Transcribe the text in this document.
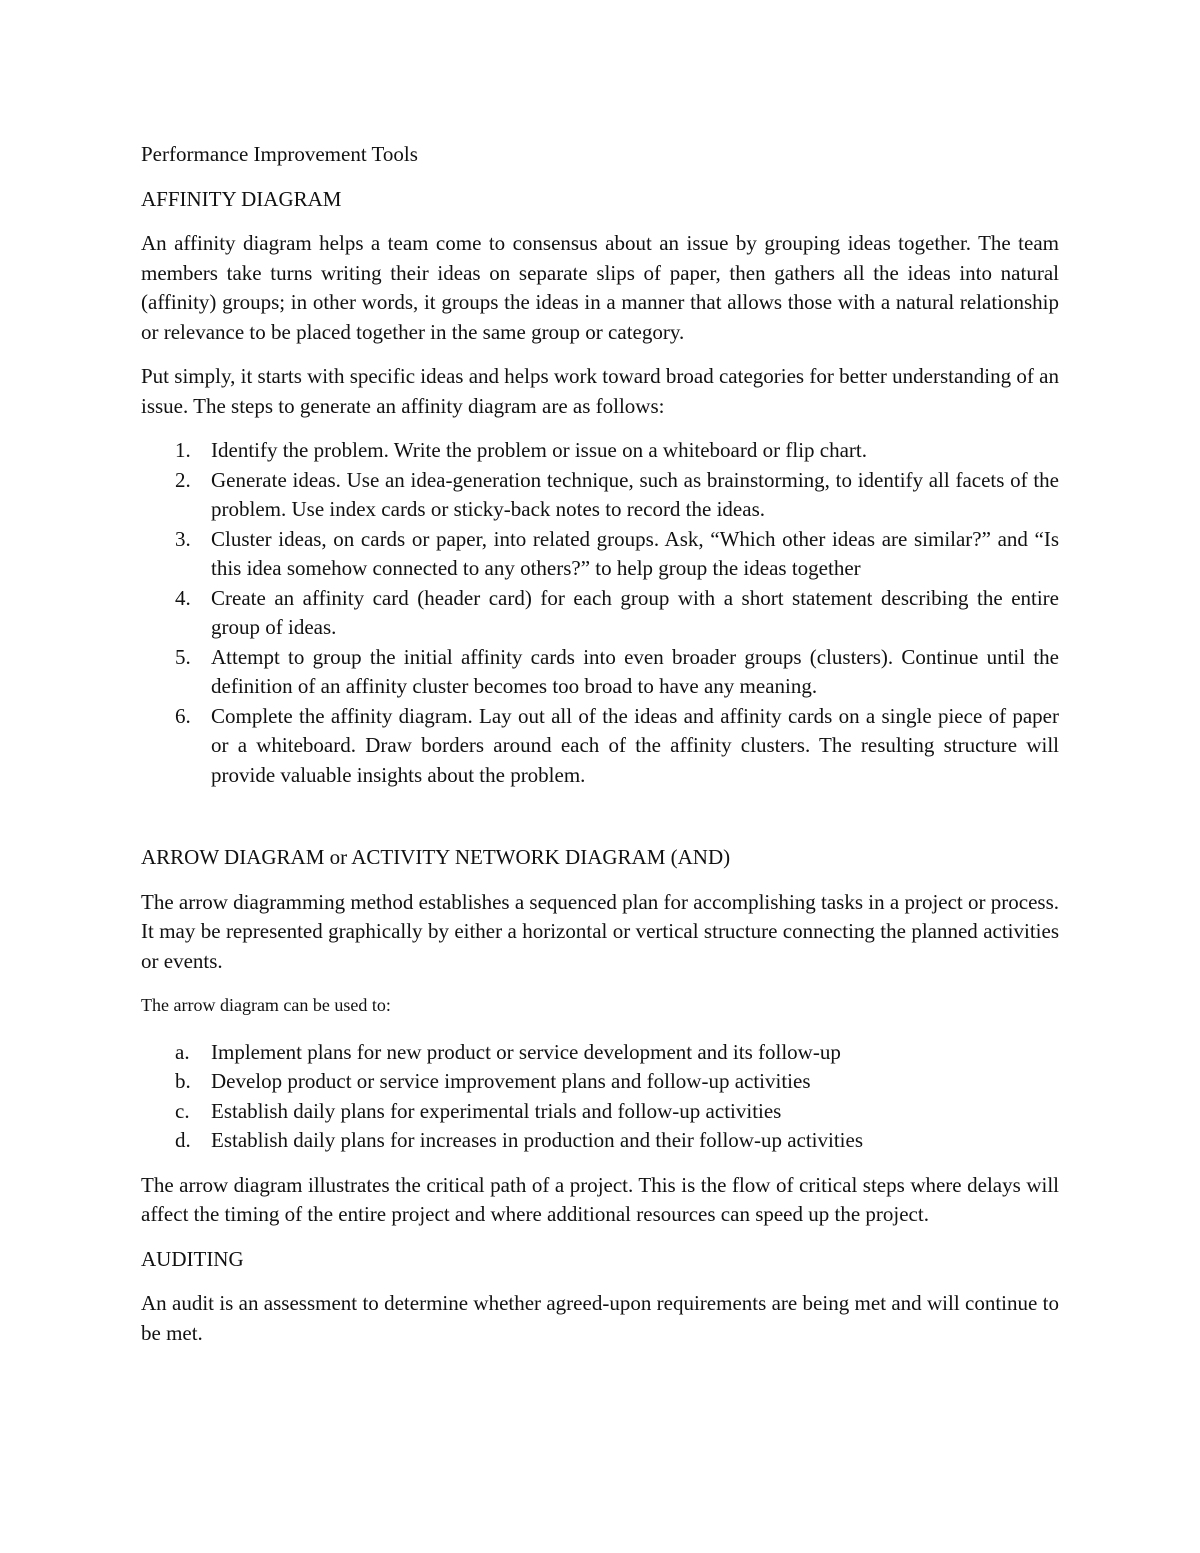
Performance Improvement Tools

AFFINITY DIAGRAM

An affinity diagram helps a team come to consensus about an issue by grouping ideas together. The team members take turns writing their ideas on separate slips of paper, then gathers all the ideas into natural (affinity) groups; in other words, it groups the ideas in a manner that allows those with a natural relationship or relevance to be placed together in the same group or category.

Put simply, it starts with specific ideas and helps work toward broad categories for better understanding of an issue. The steps to generate an affinity diagram are as follows:

1. Identify the problem. Write the problem or issue on a whiteboard or flip chart.
2. Generate ideas. Use an idea-generation technique, such as brainstorming, to identify all facets of the problem. Use index cards or sticky-back notes to record the ideas.
3. Cluster ideas, on cards or paper, into related groups. Ask, “Which other ideas are similar?” and “Is this idea somehow connected to any others?” to help group the ideas together
4. Create an affinity card (header card) for each group with a short statement describing the entire group of ideas.
5. Attempt to group the initial affinity cards into even broader groups (clusters). Continue until the definition of an affinity cluster becomes too broad to have any meaning.
6. Complete the affinity diagram. Lay out all of the ideas and affinity cards on a single piece of paper or a whiteboard. Draw borders around each of the affinity clusters. The resulting structure will provide valuable insights about the problem.

ARROW DIAGRAM or ACTIVITY NETWORK DIAGRAM (AND)

The arrow diagramming method establishes a sequenced plan for accomplishing tasks in a project or process. It may be represented graphically by either a horizontal or vertical structure connecting the planned activities or events.

The arrow diagram can be used to:

a. Implement plans for new product or service development and its follow-up
b. Develop product or service improvement plans and follow-up activities
c. Establish daily plans for experimental trials and follow-up activities
d. Establish daily plans for increases in production and their follow-up activities

The arrow diagram illustrates the critical path of a project. This is the flow of critical steps where delays will affect the timing of the entire project and where additional resources can speed up the project.

AUDITING

An audit is an assessment to determine whether agreed-upon requirements are being met and will continue to be met.
